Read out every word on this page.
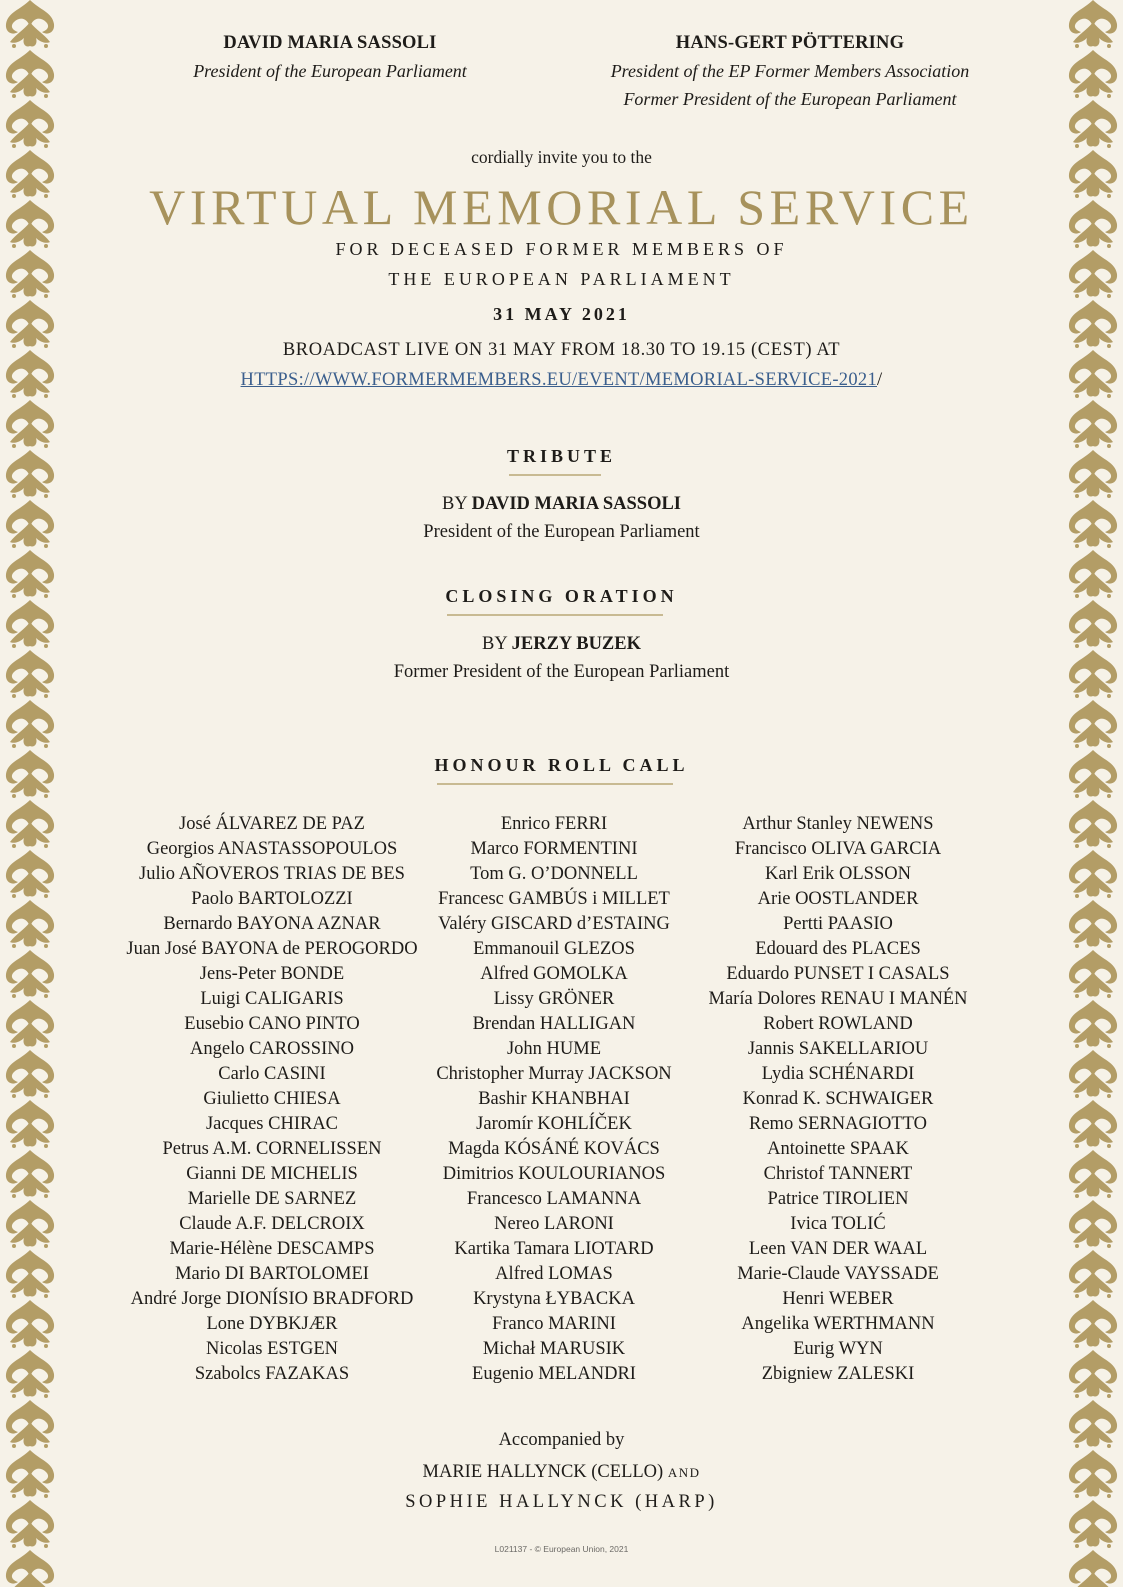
DAVID MARIA SASSOLI
President of the European Parliament
HANS-GERT PÖTTERING
President of the EP Former Members Association
Former President of the European Parliament
cordially invite you to the
VIRTUAL MEMORIAL SERVICE
FOR DECEASED FORMER MEMBERS OF
THE EUROPEAN PARLIAMENT
31 MAY 2021
BROADCAST LIVE ON 31 MAY FROM 18.30 TO 19.15 (CEST) AT
HTTPS://WWW.FORMERMEMBERS.EU/EVENT/MEMORIAL-SERVICE-2021/
TRIBUTE
BY DAVID MARIA SASSOLI
President of the European Parliament
CLOSING ORATION
BY JERZY BUZEK
Former President of the European Parliament
HONOUR ROLL CALL
José ÁLVAREZ DE PAZ
Georgios ANASTASSOPOULOS
Julio AÑOVEROS TRIAS DE BES
Paolo BARTOLOZZI
Bernardo BAYONA AZNAR
Juan José BAYONA de PEROGORDO
Jens-Peter BONDE
Luigi CALIGARIS
Eusebio CANO PINTO
Angelo CAROSSINO
Carlo CASINI
Giulietto CHIESA
Jacques CHIRAC
Petrus A.M. CORNELISSEN
Gianni DE MICHELIS
Marielle DE SARNEZ
Claude A.F. DELCROIX
Marie-Hélène DESCAMPS
Mario DI BARTOLOMEI
André Jorge DIONÍSIO BRADFORD
Lone DYBKJÆR
Nicolas ESTGEN
Szabolcs FAZAKAS
Enrico FERRI
Marco FORMENTINI
Tom G. O’DONNELL
Francesc GAMBÚS i MILLET
Valéry GISCARD d’ESTAING
Emmanouil GLEZOS
Alfred GOMOLKA
Lissy GRÖNER
Brendan HALLIGAN
John HUME
Christopher Murray JACKSON
Bashir KHANBHAI
Jaromír KOHLÍČEK
Magda KÓSÁNÉ KOVÁCS
Dimitrios KOULOURIANOS
Francesco LAMANNA
Nereo LARONI
Kartika Tamara LIOTARD
Alfred LOMAS
Krystyna ŁYBACKA
Franco MARINI
Michał MARUSIK
Eugenio MELANDRI
Arthur Stanley NEWENS
Francisco OLIVA GARCIA
Karl Erik OLSSON
Arie OOSTLANDER
Pertti PAASIO
Edouard des PLACES
Eduardo PUNSET I CASALS
María Dolores RENAU I MANÉN
Robert ROWLAND
Jannis SAKELLARIOU
Lydia SCHÉNARDI
Konrad K. SCHWAIGER
Remo SERNAGIOTTO
Antoinette SPAAK
Christof TANNERT
Patrice TIROLIEN
Ivica TOLIĆ
Leen VAN DER WAAL
Marie-Claude VAYSSADE
Henri WEBER
Angelika WERTHMANN
Eurig WYN
Zbigniew ZALESKI
Accompanied by
MARIE HALLYNCK (CELLO) AND
SOPHIE HALLYNCK (HARP)
L021137 - © European Union, 2021
